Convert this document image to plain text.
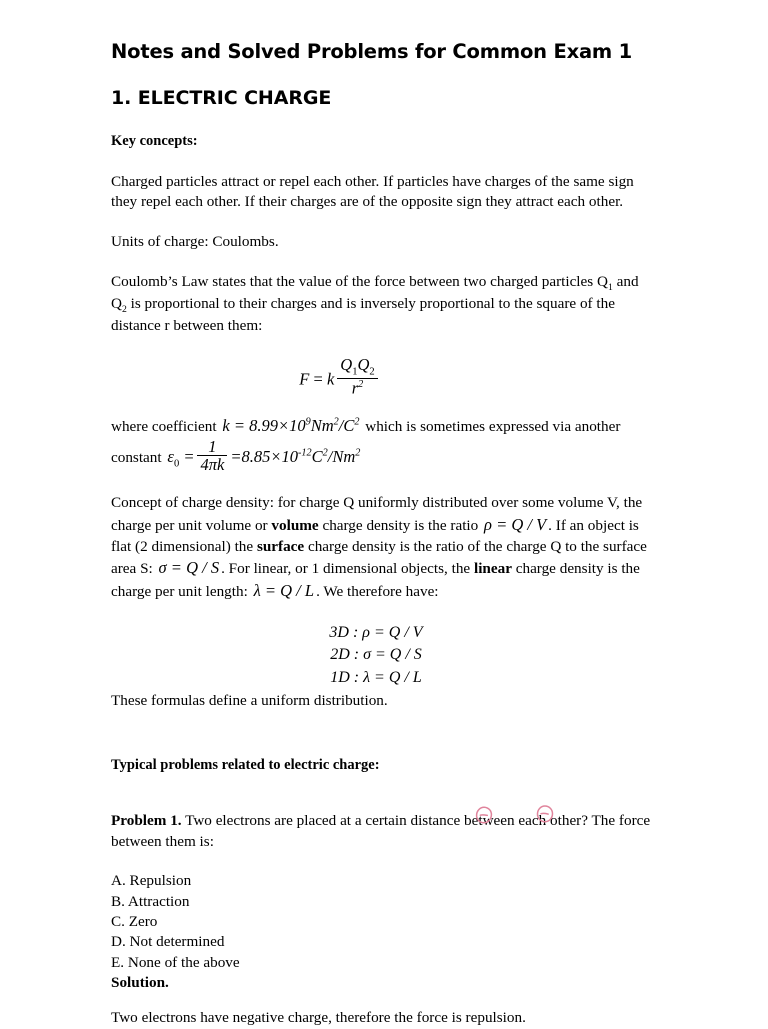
Notes and Solved Problems for Common Exam 1
1. ELECTRIC CHARGE
Key concepts:

Charged particles attract or repel each other. If particles have charges of the same sign they repel each other. If their charges are of the opposite sign they attract each other.

Units of charge: Coulombs.

Coulomb’s Law states that the value of the force between two charged particles $Q_1$ and $Q_2$ is proportional to their charges and is inversely proportional to the square of the distance r between them:

F = k $\frac{Q_1Q_2}{r^2}$

where coefficient $k = 8.99\times 10^9Nm^2/C^2$ which is sometimes expressed via another constant $\varepsilon_0 = \frac{1}{4\pi k} =8.85\times 10^{-12}C^2/Nm^2$

Concept of charge density: for charge Q uniformly distributed over some volume V, the charge per unit volume or volume charge density is the ratio ρ = Q / V . If an object is flat (2 dimensional) the surface charge density is the ratio of the charge Q to the surface area S: σ = Q / S . For linear, or 1 dimensional objects, the linear charge density is the charge per unit length: λ = Q / L . We therefore have:

3D : ρ = Q / V
2D : σ = Q / S
1D : λ = Q / L

These formulas define a uniform distribution.

Typical problems related to electric charge:

Problem 1. Two electrons are placed at a certain distance between each other? The force between them is:

A. Repulsion
B. Attraction
C. Zero
D. Not determined
E. None of the above
Solution.

Two electrons have negative charge, therefore the force is repulsion.
